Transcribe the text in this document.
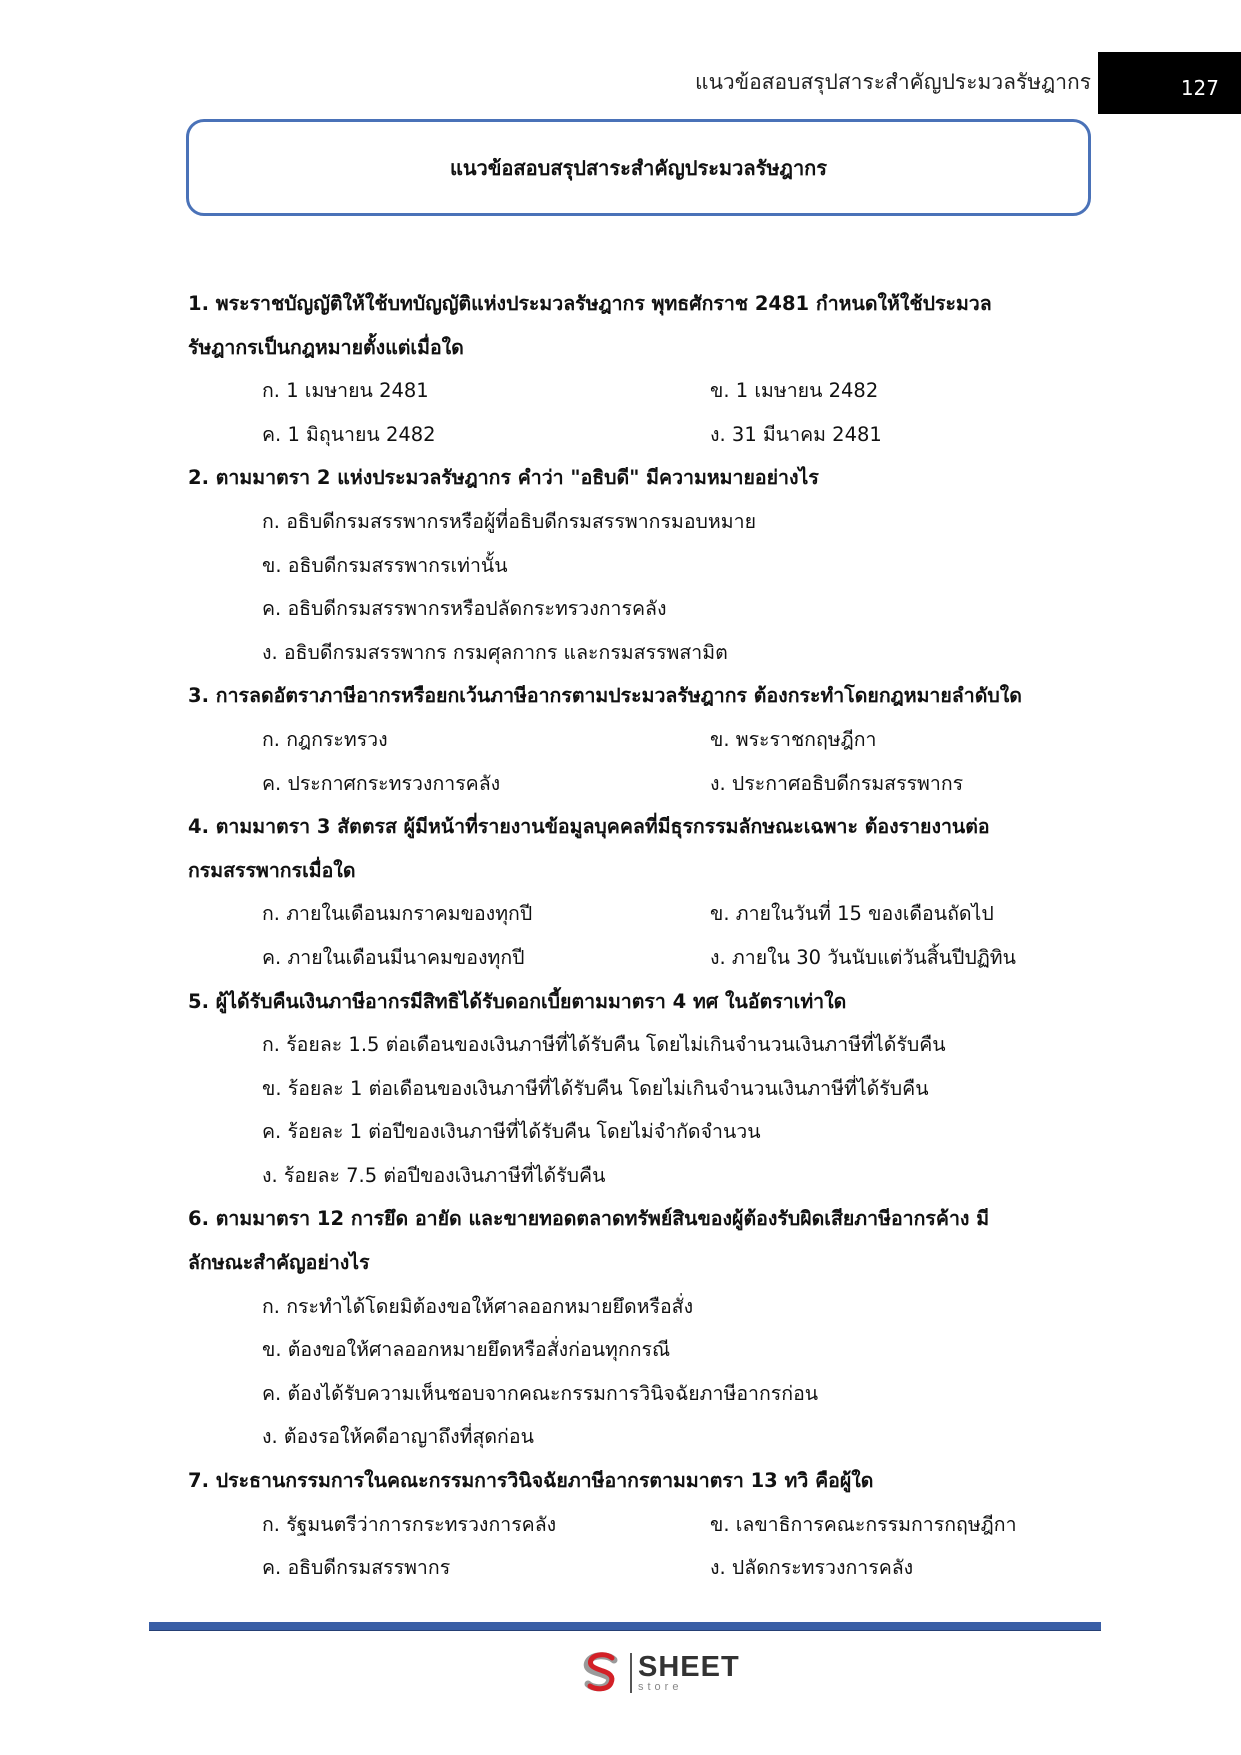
แนวข้อสอบสรุปสาระสำคัญประมวลรัษฎากร	127
แนวข้อสอบสรุปสาระสำคัญประมวลรัษฎากร
1. พระราชบัญญัติให้ใช้บทบัญญัติแห่งประมวลรัษฎากร พุทธศักราช 2481 กำหนดให้ใช้ประมวล
รัษฎากรเป็นกฎหมายตั้งแต่เมื่อใด
ก. 1 เมษายน 2481	ข. 1 เมษายน 2482
ค. 1 มิถุนายน 2482	ง. 31 มีนาคม 2481
2. ตามมาตรา 2 แห่งประมวลรัษฎากร คำว่า "อธิบดี" มีความหมายอย่างไร
ก. อธิบดีกรมสรรพากรหรือผู้ที่อธิบดีกรมสรรพากรมอบหมาย
ข. อธิบดีกรมสรรพากรเท่านั้น
ค. อธิบดีกรมสรรพากรหรือปลัดกระทรวงการคลัง
ง. อธิบดีกรมสรรพากร กรมศุลกากร และกรมสรรพสามิต
3. การลดอัตราภาษีอากรหรือยกเว้นภาษีอากรตามประมวลรัษฎากร ต้องกระทำโดยกฎหมายลำดับใด
ก. กฎกระทรวง	ข. พระราชกฤษฎีกา
ค. ประกาศกระทรวงการคลัง	ง. ประกาศอธิบดีกรมสรรพากร
4. ตามมาตรา 3 สัตตรส ผู้มีหน้าที่รายงานข้อมูลบุคคลที่มีธุรกรรมลักษณะเฉพาะ ต้องรายงานต่อ
กรมสรรพากรเมื่อใด
ก. ภายในเดือนมกราคมของทุกปี	ข. ภายในวันที่ 15 ของเดือนถัดไป
ค. ภายในเดือนมีนาคมของทุกปี	ง. ภายใน 30 วันนับแต่วันสิ้นปีปฏิทิน
5. ผู้ได้รับคืนเงินภาษีอากรมีสิทธิได้รับดอกเบี้ยตามมาตรา 4 ทศ ในอัตราเท่าใด
ก. ร้อยละ 1.5 ต่อเดือนของเงินภาษีที่ได้รับคืน โดยไม่เกินจำนวนเงินภาษีที่ได้รับคืน
ข. ร้อยละ 1 ต่อเดือนของเงินภาษีที่ได้รับคืน โดยไม่เกินจำนวนเงินภาษีที่ได้รับคืน
ค. ร้อยละ 1 ต่อปีของเงินภาษีที่ได้รับคืน โดยไม่จำกัดจำนวน
ง. ร้อยละ 7.5 ต่อปีของเงินภาษีที่ได้รับคืน
6. ตามมาตรา 12 การยึด อายัด และขายทอดตลาดทรัพย์สินของผู้ต้องรับผิดเสียภาษีอากรค้าง มี
ลักษณะสำคัญอย่างไร
ก. กระทำได้โดยมิต้องขอให้ศาลออกหมายยึดหรือสั่ง
ข. ต้องขอให้ศาลออกหมายยึดหรือสั่งก่อนทุกกรณี
ค. ต้องได้รับความเห็นชอบจากคณะกรรมการวินิจฉัยภาษีอากรก่อน
ง. ต้องรอให้คดีอาญาถึงที่สุดก่อน
7. ประธานกรรมการในคณะกรรมการวินิจฉัยภาษีอากรตามมาตรา 13 ทวิ คือผู้ใด
ก. รัฐมนตรีว่าการกระทรวงการคลัง	ข. เลขาธิการคณะกรรมการกฤษฎีกา
ค. อธิบดีกรมสรรพากร	ง. ปลัดกระทรวงการคลัง
SHEET
store
